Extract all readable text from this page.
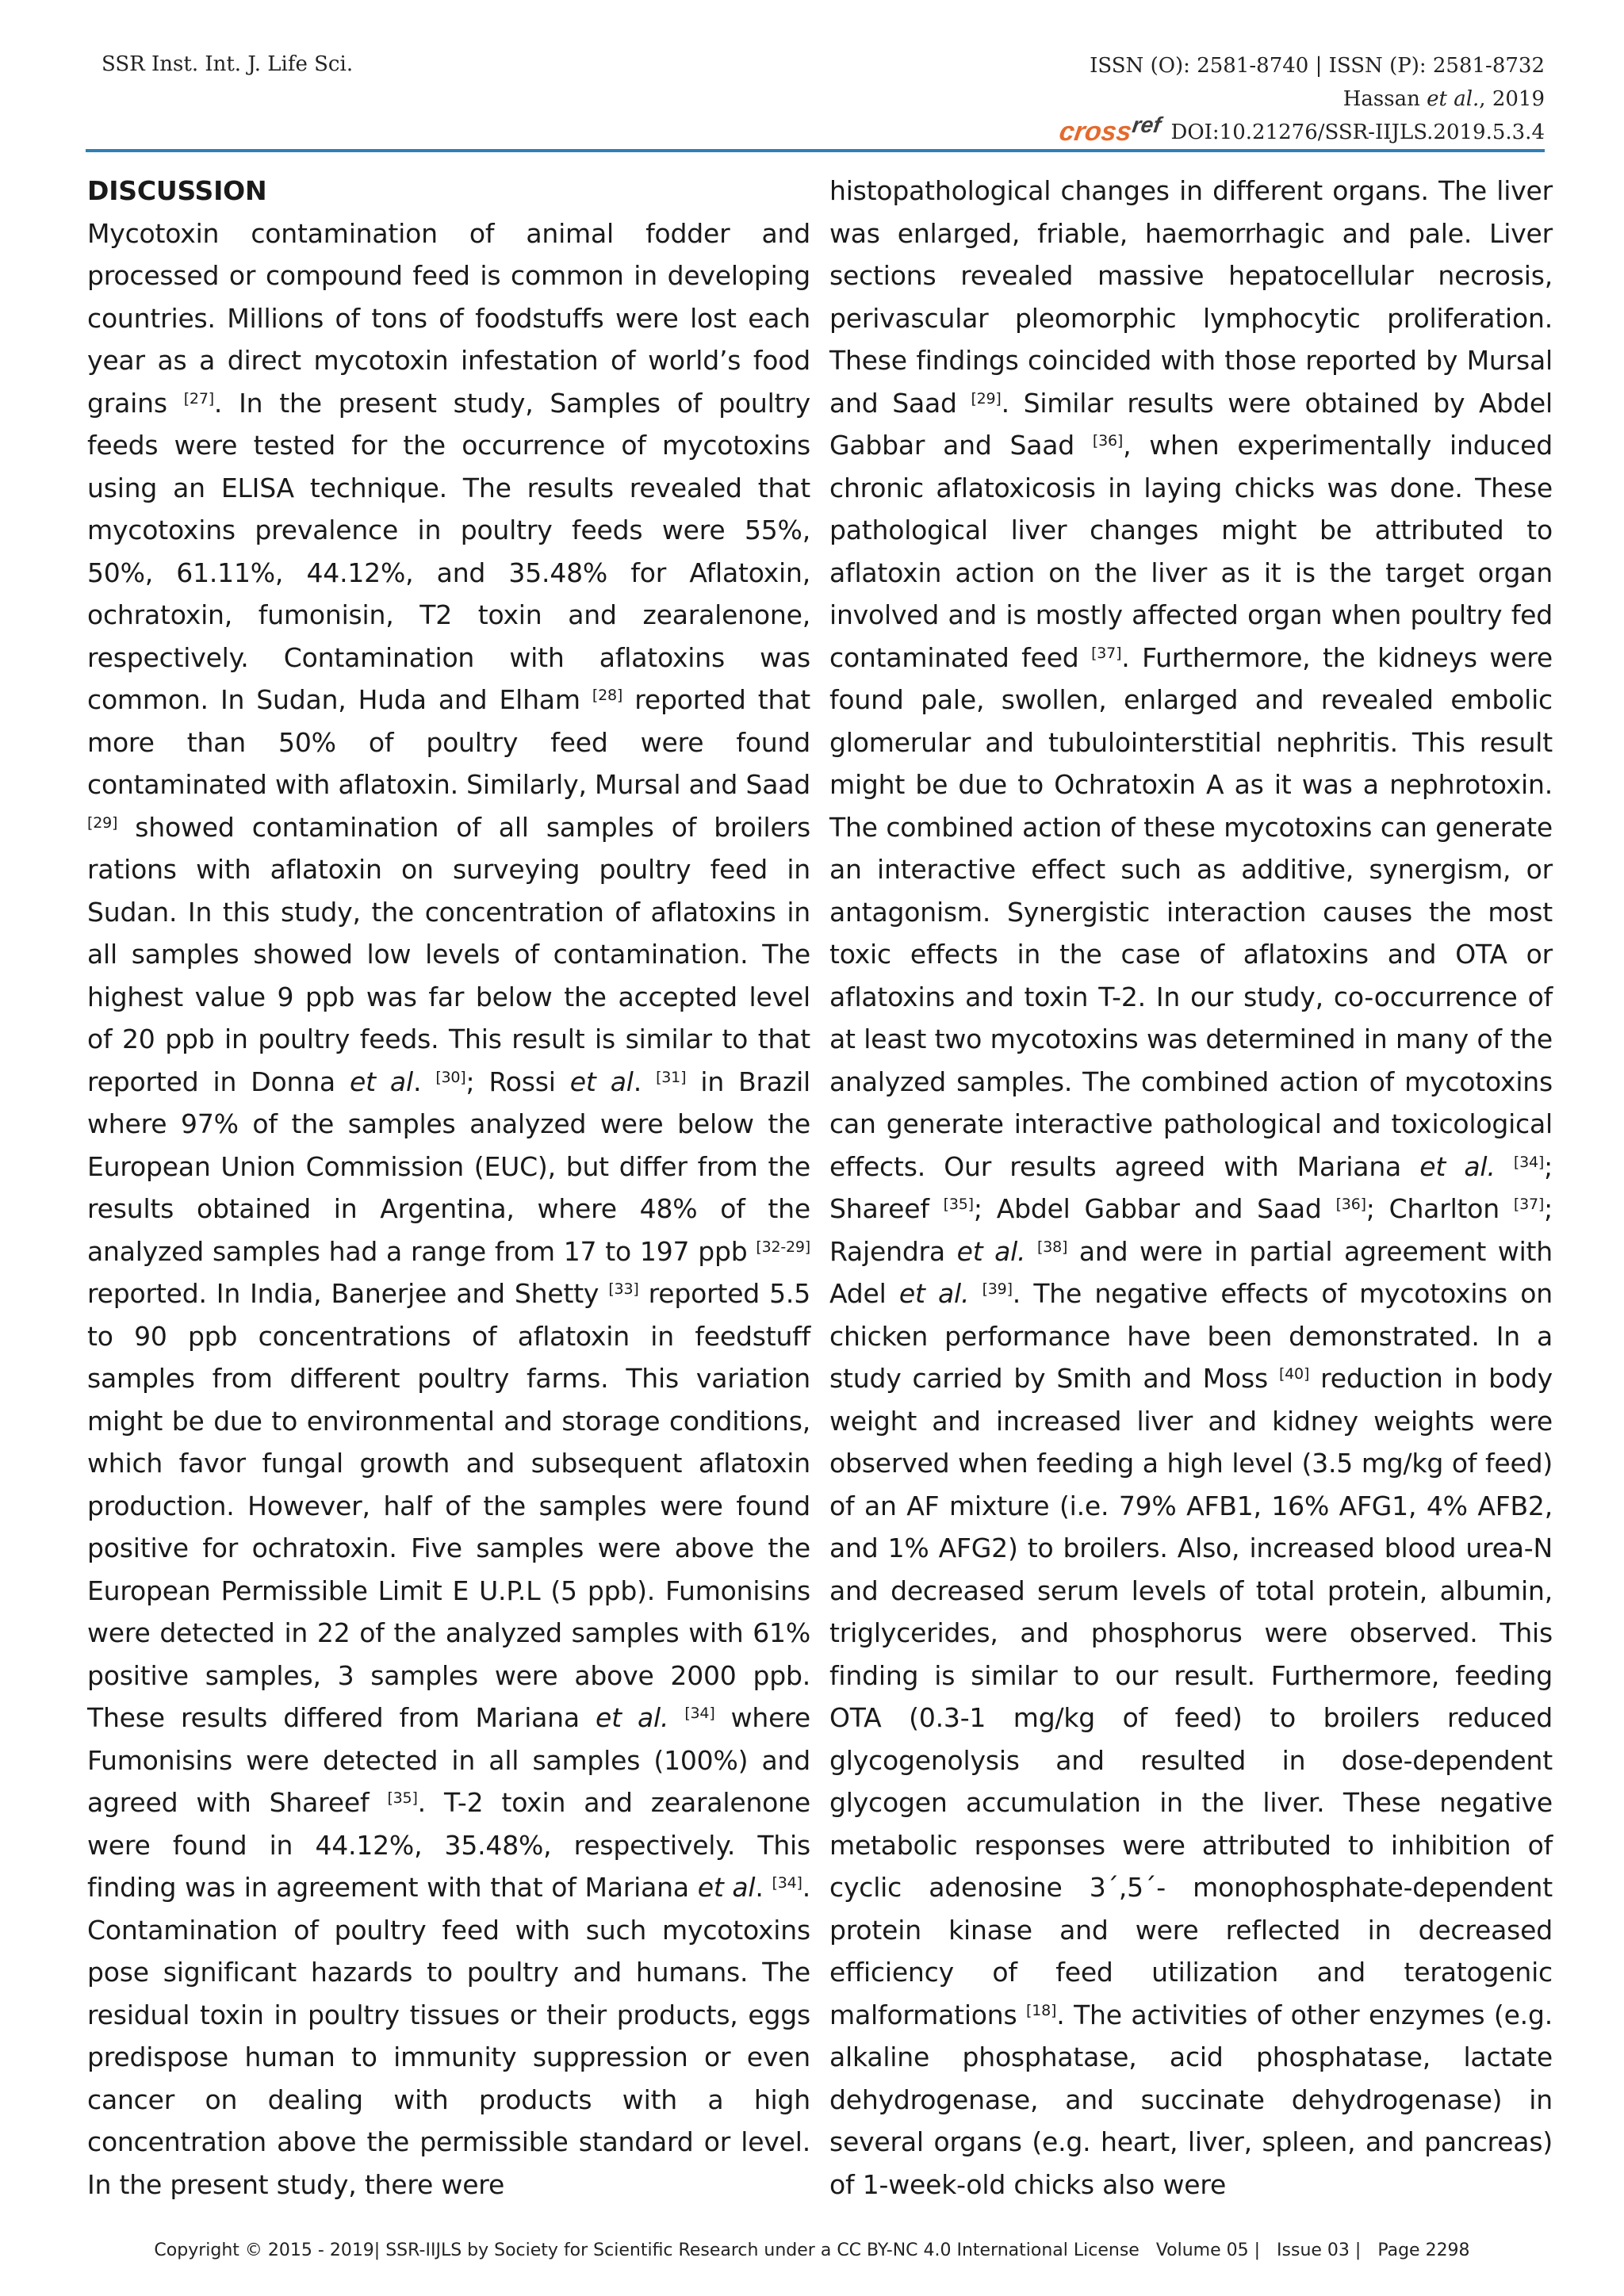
SSR Inst. Int. J. Life Sci.	ISSN (O): 2581-8740 | ISSN (P): 2581-8732
Hassan et al., 2019
cross$^{ref}$ DOI:10.21276/SSR-IIJLS.2019.5.3.4
DISCUSSION

Mycotoxin contamination of animal fodder and processed or compound feed is common in developing countries. Millions of tons of foodstuffs were lost each year as a direct mycotoxin infestation of world’s food grains [27]. In the present study, Samples of poultry feeds were tested for the occurrence of mycotoxins using an ELISA technique. The results revealed that mycotoxins prevalence in poultry feeds were 55%, 50%, 61.11%, 44.12%, and 35.48% for Aflatoxin, ochratoxin, fumonisin, T2 toxin and zearalenone, respectively. Contamination with aflatoxins was common. In Sudan, Huda and Elham [28] reported that more than 50% of poultry feed were found contaminated with aflatoxin. Similarly, Mursal and Saad [29] showed contamination of all samples of broilers rations with aflatoxin on surveying poultry feed in Sudan. In this study, the concentration of aflatoxins in all samples showed low levels of contamination. The highest value 9 ppb was far below the accepted level of 20 ppb in poultry feeds. This result is similar to that reported in Donna et al. [30]; Rossi et al. [31] in Brazil where 97% of the samples analyzed were below the European Union Commission (EUC), but differ from the results obtained in Argentina, where 48% of the analyzed samples had a range from 17 to 197 ppb [32-29] reported. In India, Banerjee and Shetty [33] reported 5.5 to 90 ppb concentrations of aflatoxin in feedstuff samples from different poultry farms. This variation might be due to environmental and storage conditions, which favor fungal growth and subsequent aflatoxin production. However, half of the samples were found positive for ochratoxin. Five samples were above the European Permissible Limit E U.P.L (5 ppb). Fumonisins were detected in 22 of the analyzed samples with 61% positive samples, 3 samples were above 2000 ppb. These results differed from Mariana et al. [34] where Fumonisins were detected in all samples (100%) and agreed with Shareef [35]. T-2 toxin and zearalenone were found in 44.12%, 35.48%, respectively. This finding was in agreement with that of Mariana et al. [34]. Contamination of poultry feed with such mycotoxins pose significant hazards to poultry and humans. The residual toxin in poultry tissues or their products, eggs predispose human to immunity suppression or even cancer on dealing with products with a high concentration above the permissible standard or level. In the present study, there were

histopathological changes in different organs. The liver was enlarged, friable, haemorrhagic and pale. Liver sections revealed massive hepatocellular necrosis, perivascular pleomorphic lymphocytic proliferation. These findings coincided with those reported by Mursal and Saad [29]. Similar results were obtained by Abdel Gabbar and Saad [36], when experimentally induced chronic aflatoxicosis in laying chicks was done. These pathological liver changes might be attributed to aflatoxin action on the liver as it is the target organ involved and is mostly affected organ when poultry fed contaminated feed [37]. Furthermore, the kidneys were found pale, swollen, enlarged and revealed embolic glomerular and tubulointerstitial nephritis. This result might be due to Ochratoxin A as it was a nephrotoxin. The combined action of these mycotoxins can generate an interactive effect such as additive, synergism, or antagonism. Synergistic interaction causes the most toxic effects in the case of aflatoxins and OTA or aflatoxins and toxin T-2. In our study, co-occurrence of at least two mycotoxins was determined in many of the analyzed samples. The combined action of mycotoxins can generate interactive pathological and toxicological effects. Our results agreed with Mariana et al. [34]; Shareef [35]; Abdel Gabbar and Saad [36]; Charlton [37]; Rajendra et al. [38] and were in partial agreement with Adel et al. [39]. The negative effects of mycotoxins on chicken performance have been demonstrated. In a study carried by Smith and Moss [40] reduction in body weight and increased liver and kidney weights were observed when feeding a high level (3.5 mg/kg of feed) of an AF mixture (i.e. 79% AFB1, 16% AFG1, 4% AFB2, and 1% AFG2) to broilers. Also, increased blood urea-N and decreased serum levels of total protein, albumin, triglycerides, and phosphorus were observed. This finding is similar to our result. Furthermore, feeding OTA (0.3-1 mg/kg of feed) to broilers reduced glycogenolysis and resulted in dose-dependent glycogen accumulation in the liver. These negative metabolic responses were attributed to inhibition of cyclic adenosine 3´,5´- monophosphate-dependent protein kinase and were reflected in decreased efficiency of feed utilization and teratogenic malformations [18]. The activities of other enzymes (e.g. alkaline phosphatase, acid phosphatase, lactate dehydrogenase, and succinate dehydrogenase) in several organs (e.g. heart, liver, spleen, and pancreas) of 1-week-old chicks also were

Copyright © 2015 - 2019| SSR-IIJLS by Society for Scientific Research under a CC BY-NC 4.0 International License Volume 05 | Issue 03 | Page 2298
